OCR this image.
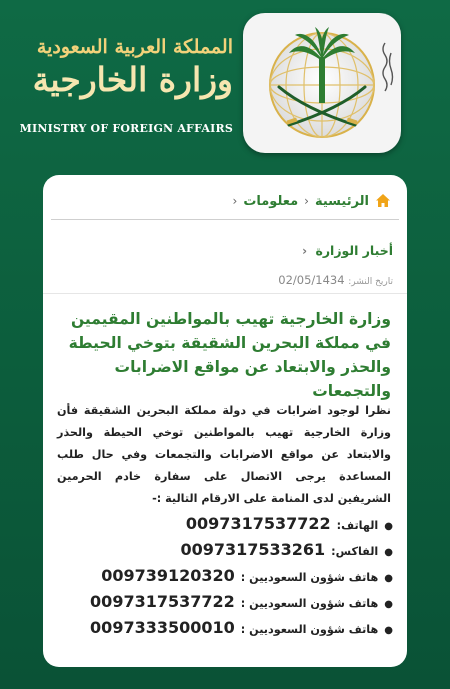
المملكة العربية السعودية
وزارة الخارجية
MINISTRY OF FOREIGN AFFAIRS
الرئيسية
‹
معلومات
‹
أخبار الوزارة ‹
تاريخ النشر: 02/05/1434
وزارة الخارجية تهيب بالمواطنين المقيمين في مملكة البحرين الشقيقة بتوخي الحيطة والحذر والابتعاد عن مواقع الاضرابات والتجمعات
نظرا لوجود اضرابات في دولة مملكة البحرين الشقيقة فأن وزارة الخارجية تهيب بالمواطنين توخي الحيطة والحذر والابتعاد عن مواقع الاضرابات والتجمعات وفي حال طلب المساعدة يرجى الاتصال على سفارة خادم الحرمين الشريفين لدى المنامة على الارقام التالية :-
●الهاتف:0097317537722
●الفاكس:0097317533261
●هاتف شؤون السعوديين :009739120320
●هاتف شؤون السعوديين :0097317537722
●هاتف شؤون السعوديين :0097333500010
